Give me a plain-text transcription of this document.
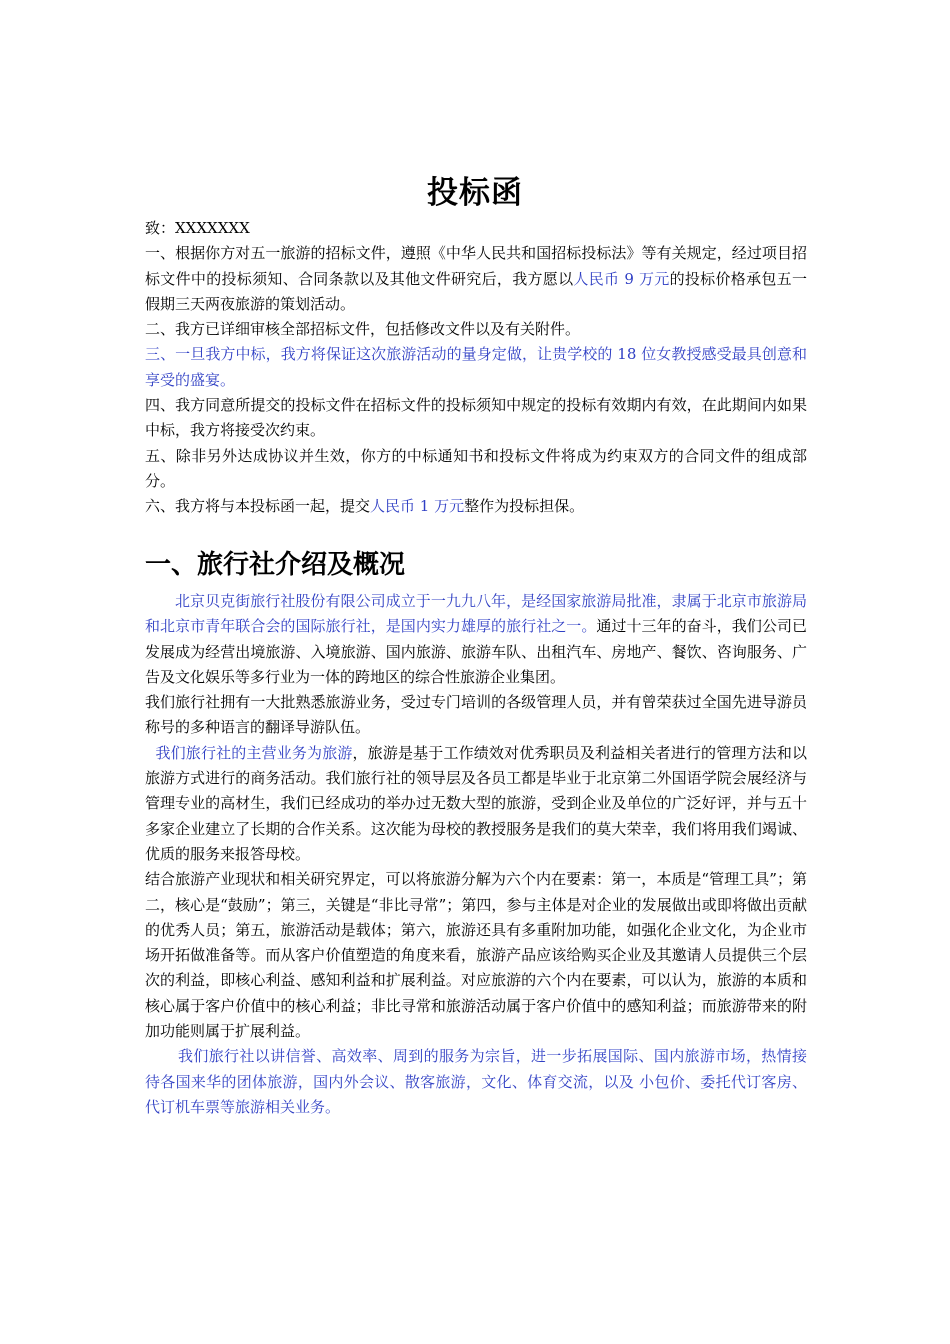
投标函

致：XXXXXXX

一、根据你方对五一旅游的招标文件，遵照《中华人民共和国招标投标法》等有关规定，经过项目招标文件中的投标须知、合同条款以及其他文件研究后，我方愿以人民币 9 万元的投标价格承包五一假期三天两夜旅游的策划活动。

二、我方已详细审核全部招标文件，包括修改文件以及有关附件。

三、一旦我方中标，我方将保证这次旅游活动的量身定做，让贵学校的 18 位女教授感受最具创意和享受的盛宴。

四、我方同意所提交的投标文件在招标文件的投标须知中规定的投标有效期内有效，在此期间内如果中标，我方将接受次约束。

五、除非另外达成协议并生效，你方的中标通知书和投标文件将成为约束双方的合同文件的组成部分。

六、我方将与本投标函一起，提交人民币 1 万元整作为投标担保。

一、旅行社介绍及概况

北京贝克街旅行社股份有限公司成立于一九九八年，是经国家旅游局批准，隶属于北京市旅游局和北京市青年联合会的国际旅行社，是国内实力雄厚的旅行社之一。通过十三年的奋斗，我们公司已发展成为经营出境旅游、入境旅游、国内旅游、旅游车队、出租汽车、房地产、餐饮、咨询服务、广告及文化娱乐等多行业为一体的跨地区的综合性旅游企业集团。

我们旅行社拥有一大批熟悉旅游业务，受过专门培训的各级管理人员，并有曾荣获过全国先进导游员称号的多种语言的翻译导游队伍。

我们旅行社的主营业务为旅游，旅游是基于工作绩效对优秀职员及利益相关者进行的管理方法和以旅游方式进行的商务活动。我们旅行社的领导层及各员工都是毕业于北京第二外国语学院会展经济与管理专业的高材生，我们已经成功的举办过无数大型的旅游，受到企业及单位的广泛好评，并与五十多家企业建立了长期的合作关系。这次能为母校的教授服务是我们的莫大荣幸，我们将用我们竭诚、优质的服务来报答母校。

结合旅游产业现状和相关研究界定，可以将旅游分解为六个内在要素：第一，本质是“管理工具”；第二，核心是“鼓励”；第三，关键是“非比寻常”；第四，参与主体是对企业的发展做出或即将做出贡献的优秀人员；第五，旅游活动是载体；第六，旅游还具有多重附加功能，如强化企业文化，为企业市场开拓做准备等。而从客户价值塑造的角度来看，旅游产品应该给购买企业及其邀请人员提供三个层次的利益，即核心利益、感知利益和扩展利益。对应旅游的六个内在要素，可以认为，旅游的本质和核心属于客户价值中的核心利益；非比寻常和旅游活动属于客户价值中的感知利益；而旅游带来的附加功能则属于扩展利益。

我们旅行社以讲信誉、高效率、周到的服务为宗旨，进一步拓展国际、国内旅游市场，热情接待各国来华的团体旅游，国内外会议、散客旅游，文化、体育交流，以及 小包价、委托代订客房、代订机车票等旅游相关业务。
